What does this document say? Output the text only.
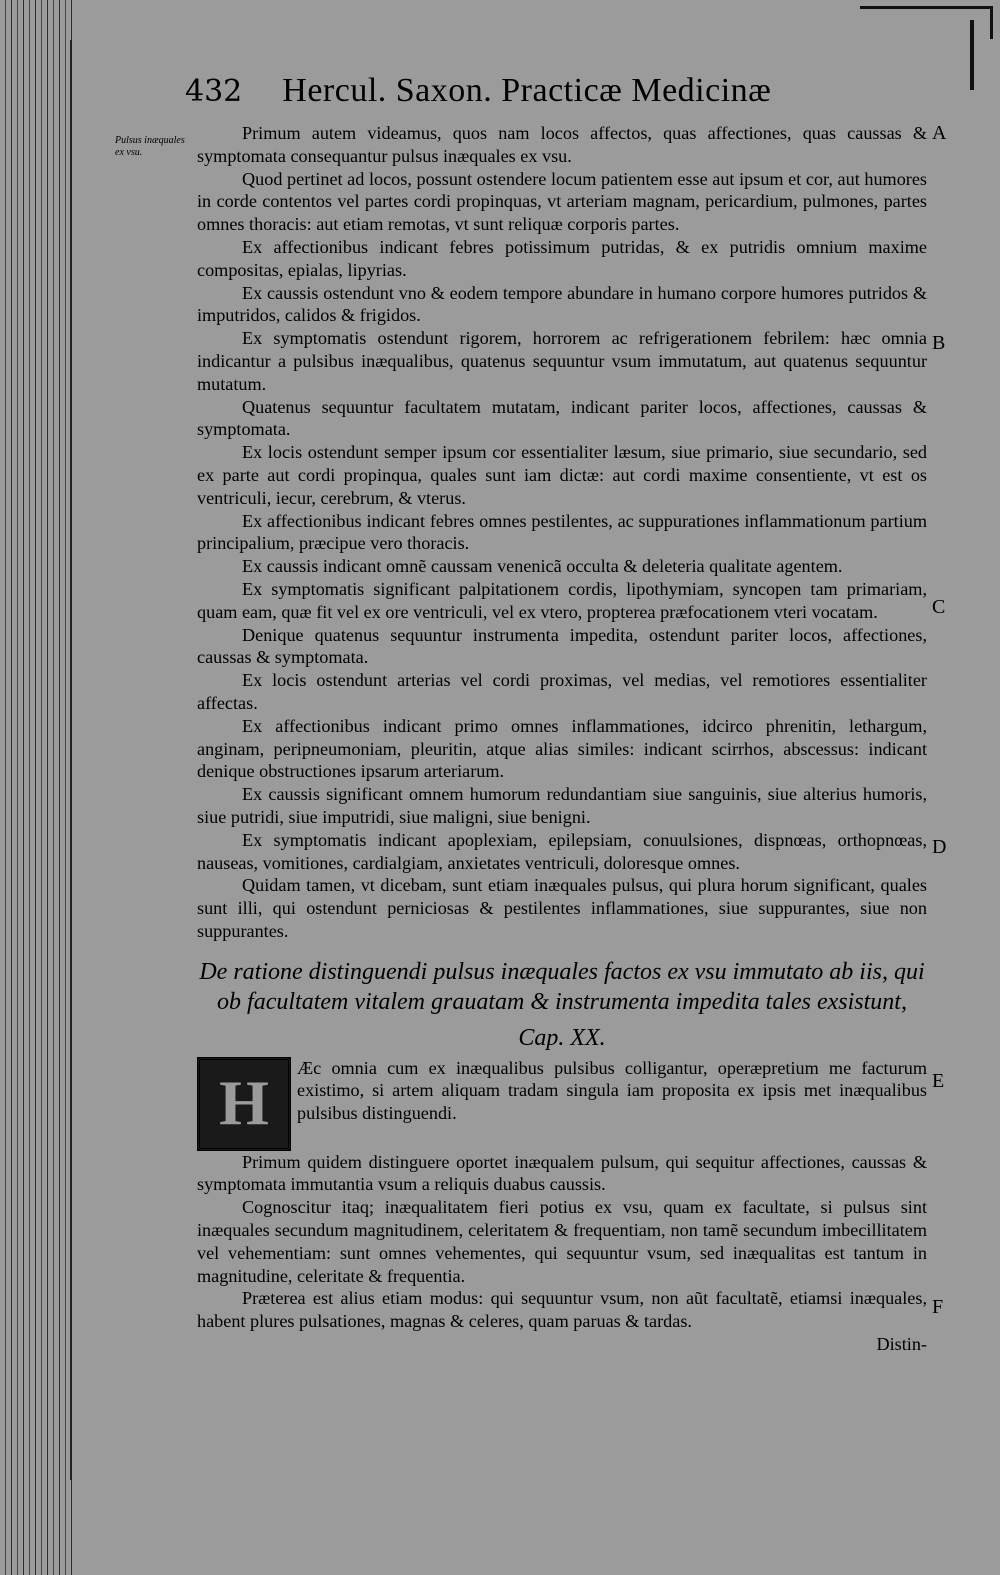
432 Hercul. Saxon. Practicæ Medicinæ
Pulsus inæquales ex vsu.
A
B
C
D
E
F

Primum autem videamus, quos nam locos affectos, quas affectiones, quas caussas & symptomata consequantur pulsus inæquales ex vsu.

Quod pertinet ad locos, possunt ostendere locum patientem esse aut ipsum et cor, aut humores in corde contentos vel partes cordi propinquas, vt arteriam magnam, pericardium, pulmones, partes omnes thoracis: aut etiam remotas, vt sunt reliquæ corporis partes.

Ex affectionibus indicant febres potissimum putridas, & ex putridis omnium maxime compositas, epialas, lipyrias.

Ex caussis ostendunt vno & eodem tempore abundare in humano corpore humores putridos & imputridos, calidos & frigidos.

Ex symptomatis ostendunt rigorem, horrorem ac refrigerationem febrilem: hæc omnia indicantur a pulsibus inæqualibus, quatenus sequuntur vsum immutatum, aut quatenus sequuntur mutatum.

Quatenus sequuntur facultatem mutatam, indicant pariter locos, affectiones, caussas & symptomata.

Ex locis ostendunt semper ipsum cor essentialiter læsum, siue primario, siue secundario, sed ex parte aut cordi propinqua, quales sunt iam dictæ: aut cordi maxime consentiente, vt est os ventriculi, iecur, cerebrum, & vterus.

Ex affectionibus indicant febres omnes pestilentes, ac suppurationes inflammationum partium principalium, præcipue vero thoracis.

Ex caussis indicant omnẽ caussam venenicã occulta & deleteria qualitate agentem.

Ex symptomatis significant palpitationem cordis, lipothymiam, syncopen tam primariam, quam eam, quæ fit vel ex ore ventriculi, vel ex vtero, propterea præfocationem vteri vocatam.

Denique quatenus sequuntur instrumenta impedita, ostendunt pariter locos, affectiones, caussas & symptomata.

Ex locis ostendunt arterias vel cordi proximas, vel medias, vel remotiores essentialiter affectas.

Ex affectionibus indicant primo omnes inflammationes, idcirco phrenitin, lethargum, anginam, peripneumoniam, pleuritin, atque alias similes: indicant scirrhos, abscessus: indicant denique obstructiones ipsarum arteriarum.

Ex caussis significant omnem humorum redundantiam siue sanguinis, siue alterius humoris, siue putridi, siue imputridi, siue maligni, siue benigni.

Ex symptomatis indicant apoplexiam, epilepsiam, conuulsiones, dispnœas, orthopnœas, nauseas, vomitiones, cardialgiam, anxietates ventriculi, doloresque omnes.

Quidam tamen, vt dicebam, sunt etiam inæquales pulsus, qui plura horum significant, quales sunt illi, qui ostendunt perniciosas & pestilentes inflammationes, siue suppurantes, siue non suppurantes.

De ratione distinguendi pulsus inæquales factos ex vsu immutato ab iis, qui ob facultatem vitalem grauatam & instrumenta impedita tales exsistunt,
Cap. XX.
H	Æc omnia cum ex inæqualibus pulsibus colligantur, operæpretium me facturum existimo, si artem aliquam tradam singula iam proposita ex ipsis met inæqualibus pulsibus distinguendi.

Primum quidem distinguere oportet inæqualem pulsum, qui sequitur affectiones, caussas & symptomata immutantia vsum a reliquis duabus caussis.

Cognoscitur itaq; inæqualitatem fieri potius ex vsu, quam ex facultate, si pulsus sint inæquales secundum magnitudinem, celeritatem & frequentiam, non tamẽ secundum imbecillitatem vel vehementiam: sunt omnes vehementes, qui sequuntur vsum, sed inæqualitas est tantum in magnitudine, celeritate & frequentia.

Præterea est alius etiam modus: qui sequuntur vsum, non aũt facultatẽ, etiamsi inæquales, habent plures pulsationes, magnas & celeres, quam paruas & tardas.

Distin-
